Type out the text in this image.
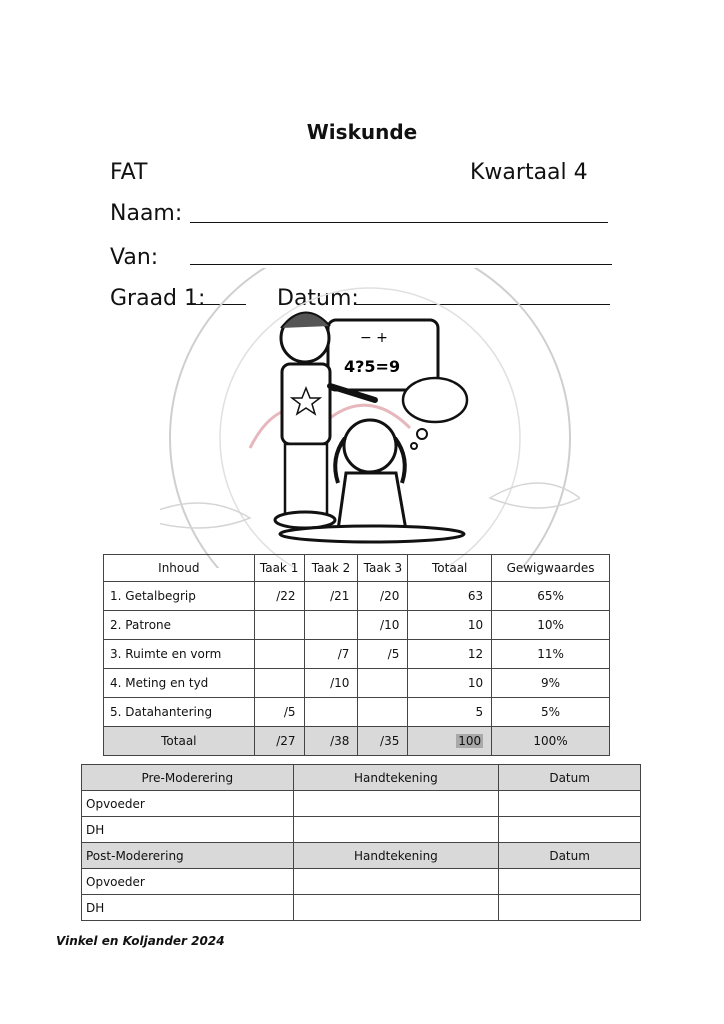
Wiskunde
FAT	Kwartaal 4
Naam:
Van:
Graad 1:	Datum:
− +
4?5=9
Inhoud	Taak 1	Taak 2	Taak 3	Totaal	Gewigwaardes
1. Getalbegrip	/22	/21	/20	63	65%
2. Patrone			/10	10	10%
3. Ruimte en vorm		/7	/5	12	11%
4. Meting en tyd		/10		10	9%
5. Datahantering	/5			5	5%
Totaal	/27	/38	/35	100	100%
Pre-Moderering	Handtekening	Datum
Opvoeder		
DH		
Post-Moderering	Handtekening	Datum
Opvoeder		
DH		
Vinkel en Koljander 2024
